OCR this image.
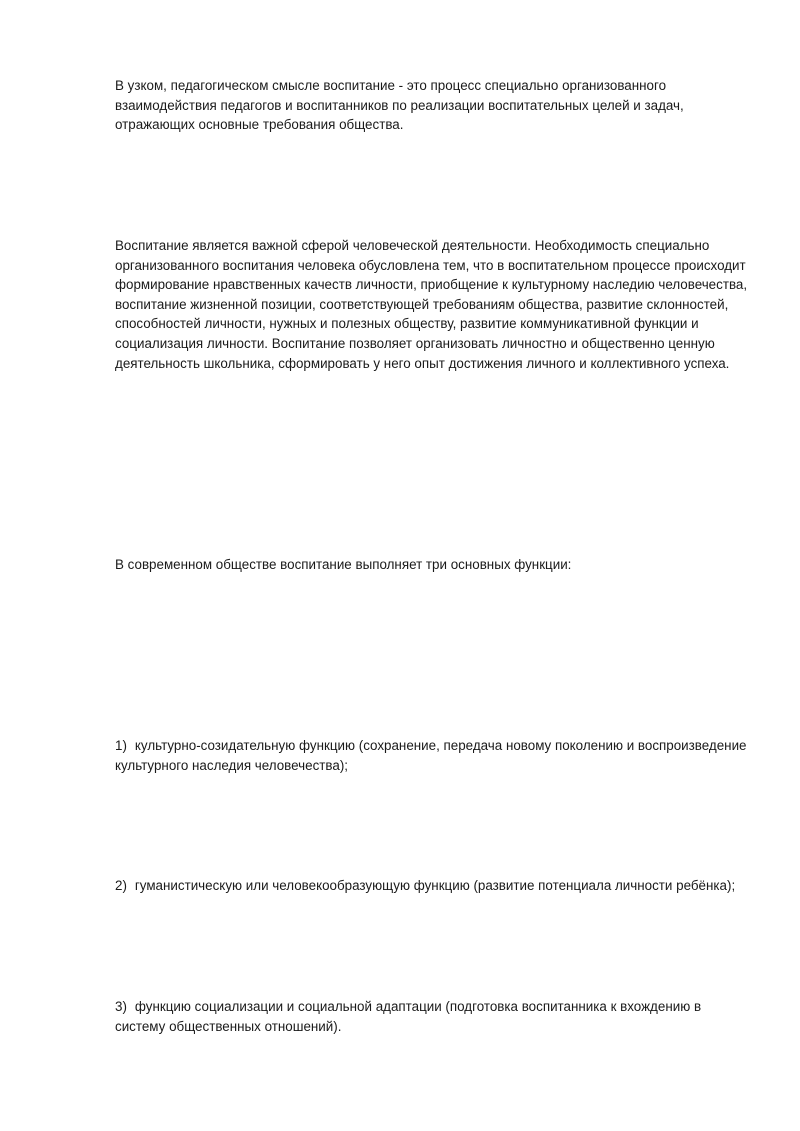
В узком, педагогическом смысле воспитание - это процесс специально организованного взаимодействия педагогов и воспитанников по реализации воспитательных целей и задач, отражающих основные требования общества.

Воспитание является важной сферой человеческой деятельности. Необходимость специально организованного воспитания человека обусловлена тем, что в воспитательном процессе происходит формирование нравственных качеств личности, приобщение к культурному наследию человечества, воспитание жизненной позиции, соответствующей требованиям общества, развитие склонностей, способностей личности, нужных и полезных обществу, развитие коммуникативной функции и социализация личности. Воспитание позволяет организовать личностно и общественно ценную деятельность школьника, сформировать у него опыт достижения личного и коллективного успеха.

В современном обществе воспитание выполняет три основных функции:

1) культурно-созидательную функцию (сохранение, передача новому поколению и воспроизведение культурного наследия человечества);

2) гуманистическую или человекообразующую функцию (развитие потенциала личности ребёнка);

3) функцию социализации и социальной адаптации (подготовка воспитанника к вхождению в систему общественных отношений).
